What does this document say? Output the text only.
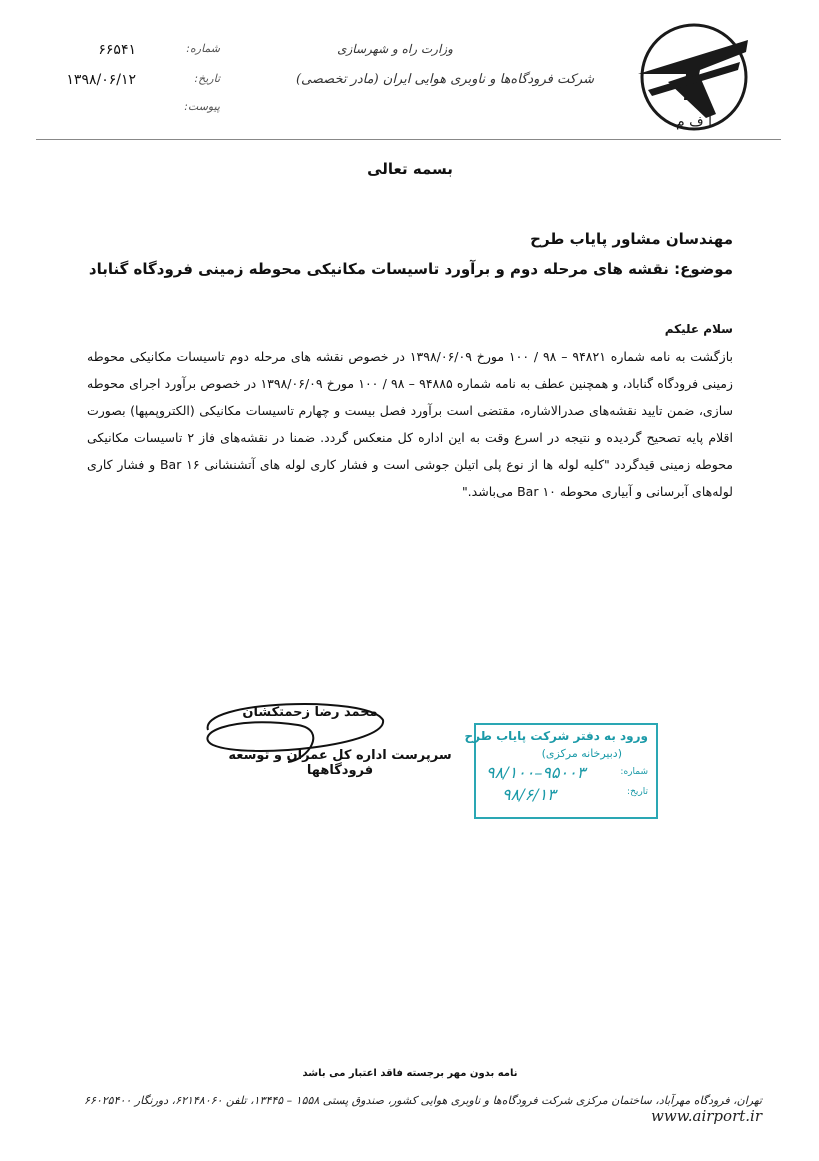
ا ف م
وزارت راه و شهرسازی
شرکت فرودگاه‌ها و ناوبری هوایی ایران (مادر تخصصی)
شماره:
۶۶۵۴۱
تاریخ:
۱۳۹۸/۰۶/۱۲
پیوست:
بسمه تعالی
مهندسان مشاور پایاب طرح
موضوع: نقشه های مرحله دوم و برآورد تاسیسات مکانیکی محوطه زمینی فرودگاه گناباد
سلام علیکم
بازگشت به نامه شماره ۹۴۸۲۱ – ۹۸ / ۱۰۰ مورخ ۱۳۹۸/۰۶/۰۹ در خصوص نقشه های مرحله دوم تاسیسات مکانیکی محوطه زمینی فرودگاه گناباد، و همچنین عطف به نامه شماره ۹۴۸۸۵ – ۹۸ / ۱۰۰ مورخ ۱۳۹۸/۰۶/۰۹ در خصوص برآورد اجرای محوطه سازی، ضمن تایید نقشه‌های صدرالاشاره، مقتضی است برآورد فصل بیست و چهارم تاسیسات مکانیکی (الکتروپمپها) بصورت اقلام پایه تصحیح گردیده و نتیجه در اسرع وقت به این اداره کل منعکس گردد. ضمنا در نقشه‌های فاز ۲ تاسیسات مکانیکی محوطه زمینی قیدگردد "کلیه لوله ها از نوع پلی اتیلن جوشی است و فشار کاری لوله های آتشنشانی ۱۶ Bar و فشار کاری لوله‌های آبرسانی و آبیاری محوطه ۱۰ Bar می‌باشد."
محمد رضا زحمتکشان
سرپرست اداره کل عمران و توسعه فرودگاهها
ورود به دفتر شرکت پایاب طرح
(دبیرخانه مرکزی)
شماره:
تاریخ:
۹۵۰۰۳–۹۸/۱۰۰
۹۸/۶/۱۳
نامه بدون مهر برجسته فاقد اعتبار می باشد
تهران، فرودگاه مهرآباد، ساختمان مرکزی شرکت فرودگاه‌ها و ناوبری هوایی کشور، صندوق پستی ۱۵۵۸ – ۱۳۴۴۵، تلفن ۶۲۱۴۸۰۶۰، دورنگار ۶۶۰۲۵۴۰۰ www.airport.ir
